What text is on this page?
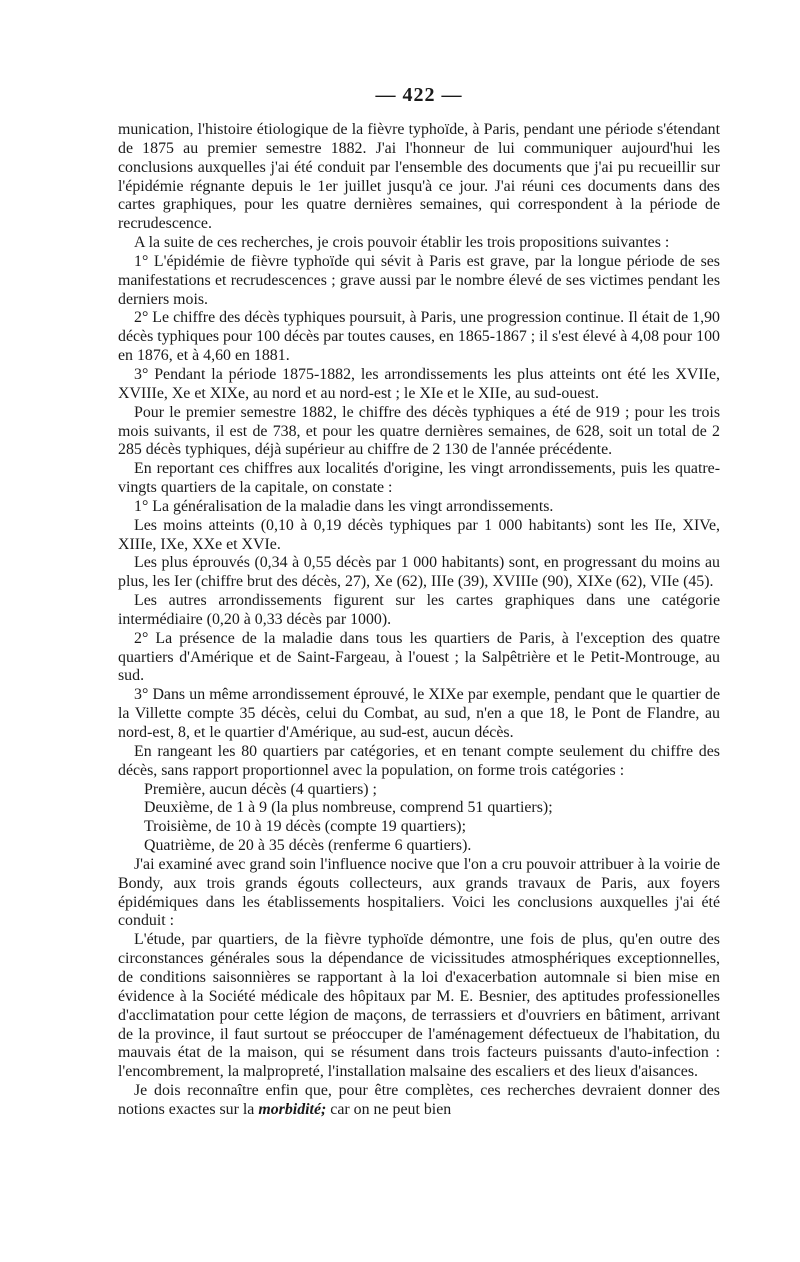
— 422 —

munication, l'histoire étiologique de la fièvre typhoïde, à Paris, pendant une période s'étendant de 1875 au premier semestre 1882. J'ai l'honneur de lui communiquer aujourd'hui les conclusions auxquelles j'ai été conduit par l'ensemble des documents que j'ai pu recueillir sur l'épidémie régnante depuis le 1er juillet jusqu'à ce jour. J'ai réuni ces documents dans des cartes graphiques, pour les quatre dernières semaines, qui correspondent à la période de recrudescence.

A la suite de ces recherches, je crois pouvoir établir les trois propositions suivantes :

1° L'épidémie de fièvre typhoïde qui sévit à Paris est grave, par la longue période de ses manifestations et recrudescences ; grave aussi par le nombre élevé de ses victimes pendant les derniers mois.

2° Le chiffre des décès typhiques poursuit, à Paris, une progression continue. Il était de 1,90 décès typhiques pour 100 décès par toutes causes, en 1865-1867 ; il s'est élevé à 4,08 pour 100 en 1876, et à 4,60 en 1881.

3° Pendant la période 1875-1882, les arrondissements les plus atteints ont été les XVIIe, XVIIIe, Xe et XIXe, au nord et au nord-est ; le XIe et le XIIe, au sud-ouest.

Pour le premier semestre 1882, le chiffre des décès typhiques a été de 919 ; pour les trois mois suivants, il est de 738, et pour les quatre dernières semaines, de 628, soit un total de 2 285 décès typhiques, déjà supérieur au chiffre de 2 130 de l'année précédente.

En reportant ces chiffres aux localités d'origine, les vingt arrondissements, puis les quatre-vingts quartiers de la capitale, on constate :

1° La généralisation de la maladie dans les vingt arrondissements.

Les moins atteints (0,10 à 0,19 décès typhiques par 1 000 habitants) sont les IIe, XIVe, XIIIe, IXe, XXe et XVIe.

Les plus éprouvés (0,34 à 0,55 décès par 1 000 habitants) sont, en progressant du moins au plus, les Ier (chiffre brut des décès, 27), Xe (62), IIIe (39), XVIIIe (90), XIXe (62), VIIe (45).

Les autres arrondissements figurent sur les cartes graphiques dans une catégorie intermédiaire (0,20 à 0,33 décès par 1000).

2° La présence de la maladie dans tous les quartiers de Paris, à l'exception des quatre quartiers d'Amérique et de Saint-Fargeau, à l'ouest ; la Salpêtrière et le Petit-Montrouge, au sud.

3° Dans un même arrondissement éprouvé, le XIXe par exemple, pendant que le quartier de la Villette compte 35 décès, celui du Combat, au sud, n'en a que 18, le Pont de Flandre, au nord-est, 8, et le quartier d'Amérique, au sud-est, aucun décès.

En rangeant les 80 quartiers par catégories, et en tenant compte seulement du chiffre des décès, sans rapport proportionnel avec la population, on forme trois catégories :

Première, aucun décès (4 quartiers) ;
Deuxième, de 1 à 9 (la plus nombreuse, comprend 51 quartiers);
Troisième, de 10 à 19 décès (compte 19 quartiers);
Quatrième, de 20 à 35 décès (renferme 6 quartiers).

J'ai examiné avec grand soin l'influence nocive que l'on a cru pouvoir attribuer à la voirie de Bondy, aux trois grands égouts collecteurs, aux grands travaux de Paris, aux foyers épidémiques dans les établissements hospitaliers. Voici les conclusions auxquelles j'ai été conduit :

L'étude, par quartiers, de la fièvre typhoïde démontre, une fois de plus, qu'en outre des circonstances générales sous la dépendance de vicissitudes atmosphériques exceptionnelles, de conditions saisonnières se rapportant à la loi d'exacerbation automnale si bien mise en évidence à la Société médicale des hôpitaux par M. E. Besnier, des aptitudes professionelles d'acclimatation pour cette légion de maçons, de terrassiers et d'ouvriers en bâtiment, arrivant de la province, il faut surtout se préoccuper de l'aménagement défectueux de l'habitation, du mauvais état de la maison, qui se résument dans trois facteurs puissants d'auto-infection : l'encombrement, la malpropreté, l'installation malsaine des escaliers et des lieux d'aisances.

Je dois reconnaître enfin que, pour être complètes, ces recherches devraient donner des notions exactes sur la morbidité; car on ne peut bien
